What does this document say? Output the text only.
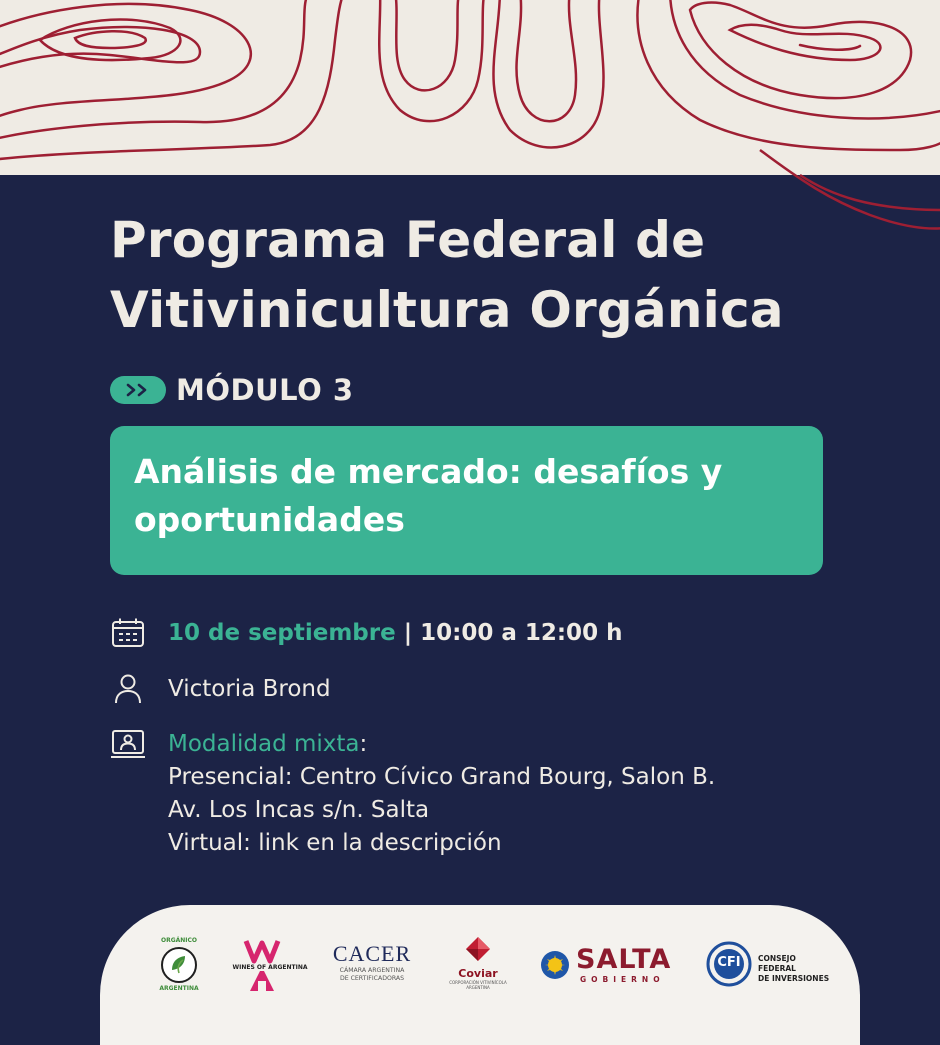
Programa Federal de
Vitivinicultura Orgánica
MÓDULO 3

Análisis de mercado: desafíos y
oportunidades

10 de septiembre | 10:00 a 12:00 h
Victoria Brond
Modalidad mixta:
Presencial: Centro Cívico Grand Bourg, Salon B.
Av. Los Incas s/n. Salta
Virtual: link en la descripción
ORGÁNICO
ARGENTINA
WINES OF ARGENTINA
CACER
CÁMARA ARGENTINA
DE CERTIFICADORAS	Coviar
CORPORACIÓN VITIVINÍCOLA
ARGENTINA
SALTA
GOBIERNO
CFI	CONSEJO FEDERAL
DE INVERSIONES
